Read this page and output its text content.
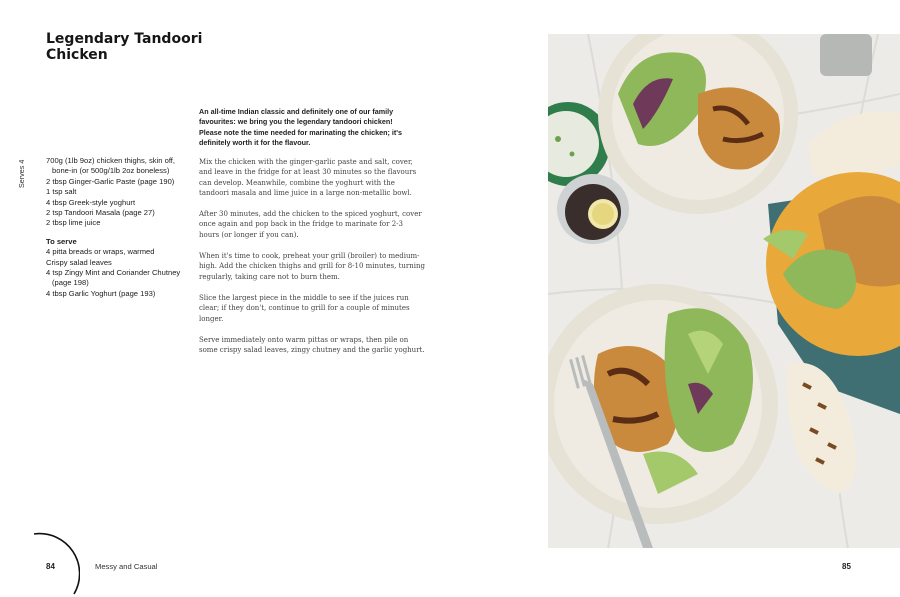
Legendary Tandoori Chicken
Serves 4	700g (1lb 9oz) chicken thighs, skin off, bone-in (or 500g/1lb 2oz boneless)

2 tbsp Ginger-Garlic Paste (page 190)

1 tsp salt

4 tbsp Greek-style yoghurt

2 tsp Tandoori Masala (page 27)

2 tbsp lime juice

To serve

4 pitta breads or wraps, warmed

Crispy salad leaves

4 tsp Zingy Mint and Coriander Chutney (page 198)

4 tbsp Garlic Yoghurt (page 193)

An all-time Indian classic and definitely one of our family favourites: we bring you the legendary tandoori chicken! Please note the time needed for marinating the chicken; it's definitely worth it for the flavour.

Mix the chicken with the ginger-garlic paste and salt, cover, and leave in the fridge for at least 30 minutes so the flavours can develop. Meanwhile, combine the yoghurt with the tandoori masala and lime juice in a large non-metallic bowl.

After 30 minutes, add the chicken to the spiced yoghurt, cover once again and pop back in the fridge to marinate for 2-3 hours (or longer if you can).

When it's time to cook, preheat your grill (broiler) to medium-high. Add the chicken thighs and grill for 8-10 minutes, turning regularly, taking care not to burn them.

Slice the largest piece in the middle to see if the juices run clear; if they don't, continue to grill for a couple of minutes longer.

Serve immediately onto warm pittas or wraps, then pile on some crispy salad leaves, zingy chutney and the garlic yoghurt.

84	Messy and Casual	85
